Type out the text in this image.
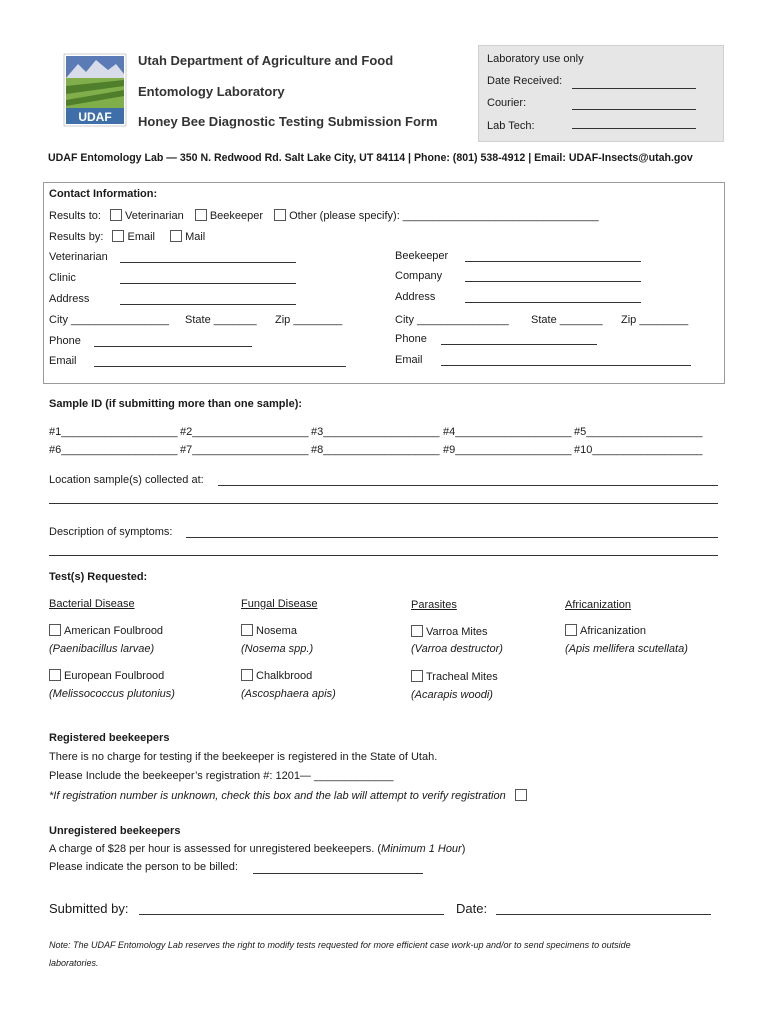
UDAF
Utah Department of Agriculture and Food
Entomology Laboratory
Honey Bee Diagnostic Testing Submission Form
Laboratory use only
Date Received:
Courier:
Lab Tech:
UDAF Entomology Lab — 350 N. Redwood Rd. Salt Lake City, UT 84114 | Phone: (801) 538-4912 | Email: UDAF-Insects@utah.gov
Contact Information:
Results to: Veterinarian Beekeeper Other (please specify): ________________________________
Results by: Email	Mail
Veterinarian
Clinic
Address
City ________________ State _______ Zip ________
Phone
Email
Beekeeper
Company
Address
City _______________ State _______ Zip ________
Phone
Email
Sample ID (if submitting more than one sample):
#1___________________ #2___________________ #3___________________ #4___________________ #5___________________
#6___________________ #7___________________ #8___________________ #9___________________ #10__________________
Location sample(s) collected at:
Description of symptoms:
Test(s) Requested:
Bacterial Disease
American Foulbrood
(Paenibacillus larvae)
European Foulbrood
(Melissococcus plutonius)
Fungal Disease
Nosema
(Nosema spp.)
Chalkbrood
(Ascosphaera apis)
Parasites
Varroa Mites
(Varroa destructor)
Tracheal Mites
(Acarapis woodi)
Africanization
Africanization
(Apis mellifera scutellata)
Registered beekeepers
There is no charge for testing if the beekeeper is registered in the State of Utah.
Please Include the beekeeper’s registration #: 1201— _____________
*If registration number is unknown, check this box and the lab will attempt to verify registration
Unregistered beekeepers
A charge of $28 per hour is assessed for unregistered beekeepers. (Minimum 1 Hour)
Please indicate the person to be billed:
Submitted by:	Date:
Note: The UDAF Entomology Lab reserves the right to modify tests requested for more efficient case work-up and/or to send specimens to outside
laboratories.
